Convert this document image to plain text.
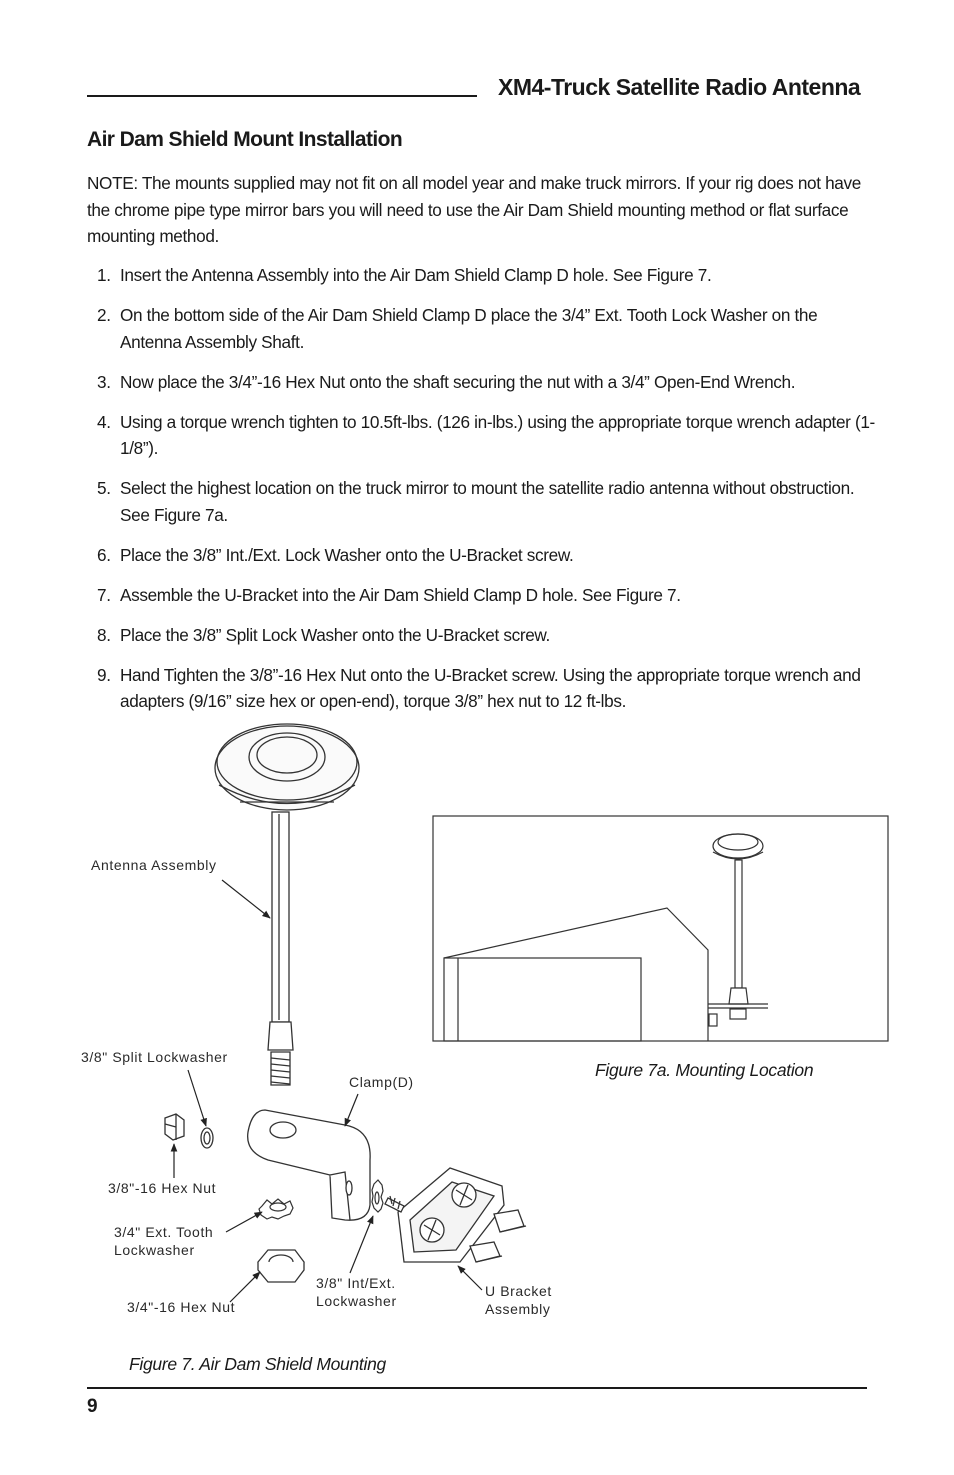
XM4-Truck Satellite Radio Antenna
Air Dam Shield Mount Installation
NOTE: The mounts supplied may not fit on all model year and make truck mirrors. If your rig does not have the chrome pipe type mirror bars you will need to use the Air Dam Shield mounting method or flat surface mounting method.
1. Insert the Antenna Assembly into the Air Dam Shield Clamp D hole. See Figure 7.
2. On the bottom side of the Air Dam Shield Clamp D place the 3/4” Ext. Tooth Lock Washer on the Antenna Assembly Shaft.
3. Now place the 3/4”-16 Hex Nut onto the shaft securing the nut with a 3/4” Open-End Wrench.
4. Using a torque wrench tighten to 10.5ft-lbs. (126 in-lbs.) using the appropriate torque wrench adapter (1-1/8”).
5. Select the highest location on the truck mirror to mount the satellite radio antenna without obstruction. See Figure 7a.
6. Place the 3/8” Int./Ext. Lock Washer onto the U-Bracket screw.
7. Assemble the U-Bracket into the Air Dam Shield Clamp D hole. See Figure 7.
8. Place the 3/8” Split Lock Washer onto the U-Bracket screw.
9. Hand Tighten the 3/8”-16 Hex Nut onto the U-Bracket screw. Using the appropriate torque wrench and adapters (9/16” size hex or open-end), torque 3/8” hex nut to 12 ft-lbs.
Antenna Assembly
3/8" Split Lockwasher
Clamp(D)
3/8"-16 Hex Nut
3/4" Ext. Tooth
Lockwasher
3/4"-16 Hex Nut
3/8" Int/Ext.
Lockwasher
U Bracket
Assembly
Figure 7. Air Dam Shield Mounting
Figure 7a. Mounting Location
9
